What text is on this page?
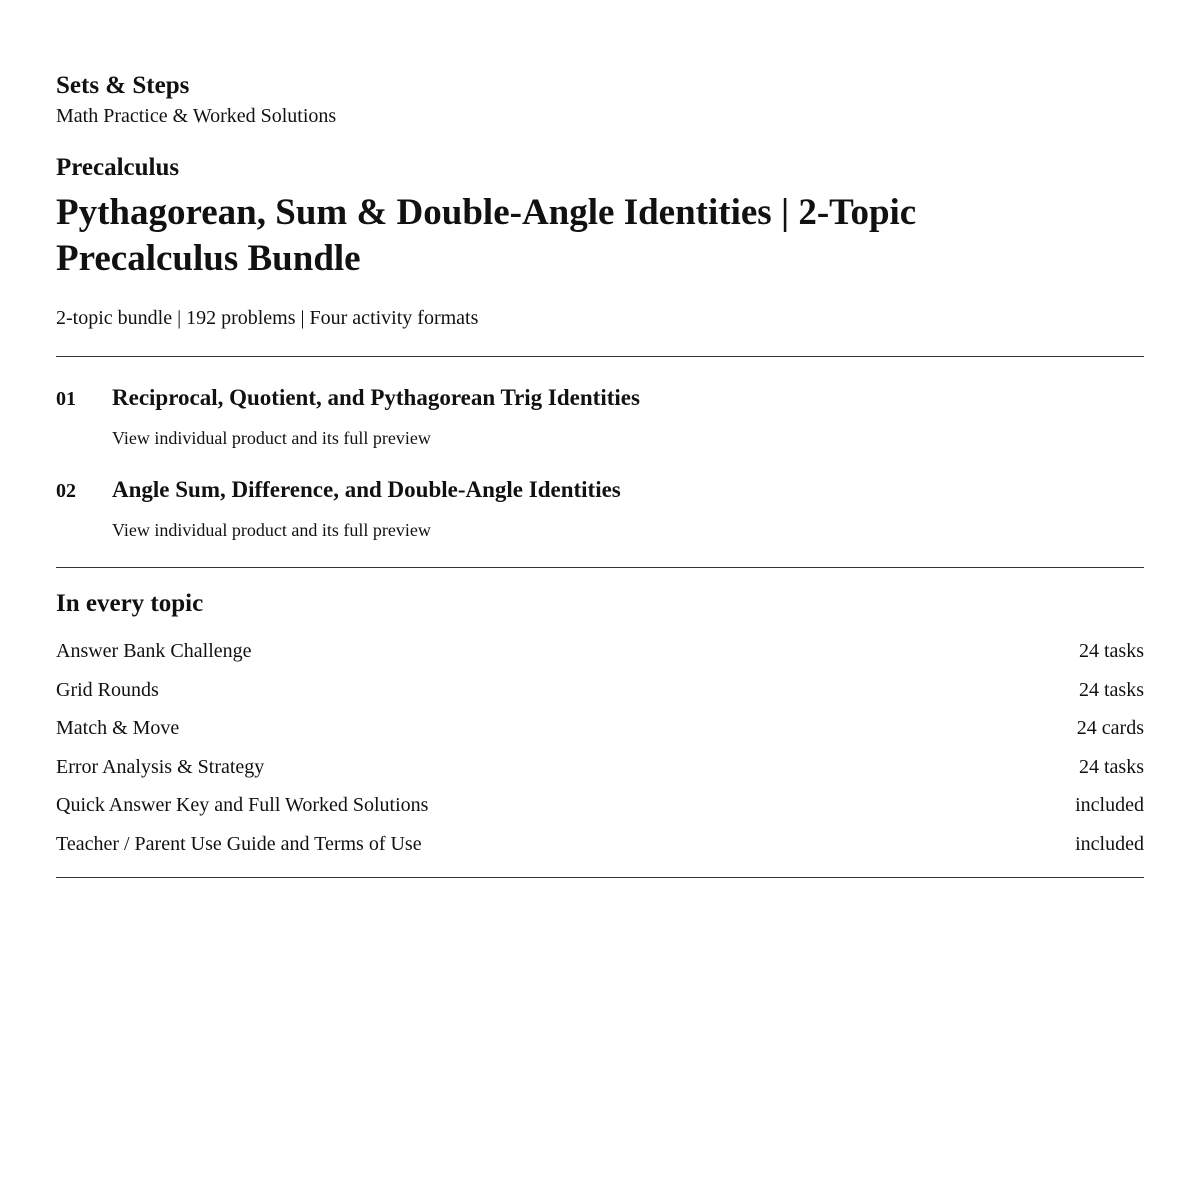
Sets & Steps

Math Practice & Worked Solutions

Precalculus

Pythagorean, Sum & Double-Angle Identities | 2-Topic Precalculus Bundle

2-topic bundle | 192 problems | Four activity formats

01	Reciprocal, Quotient, and Pythagorean Trig Identities
View individual product and its full preview
02	Angle Sum, Difference, and Double-Angle Identities
View individual product and its full preview
In every topic
Answer Bank Challenge	24 tasks
Grid Rounds	24 tasks
Match & Move	24 cards
Error Analysis & Strategy	24 tasks
Quick Answer Key and Full Worked Solutions	included
Teacher / Parent Use Guide and Terms of Use	included
